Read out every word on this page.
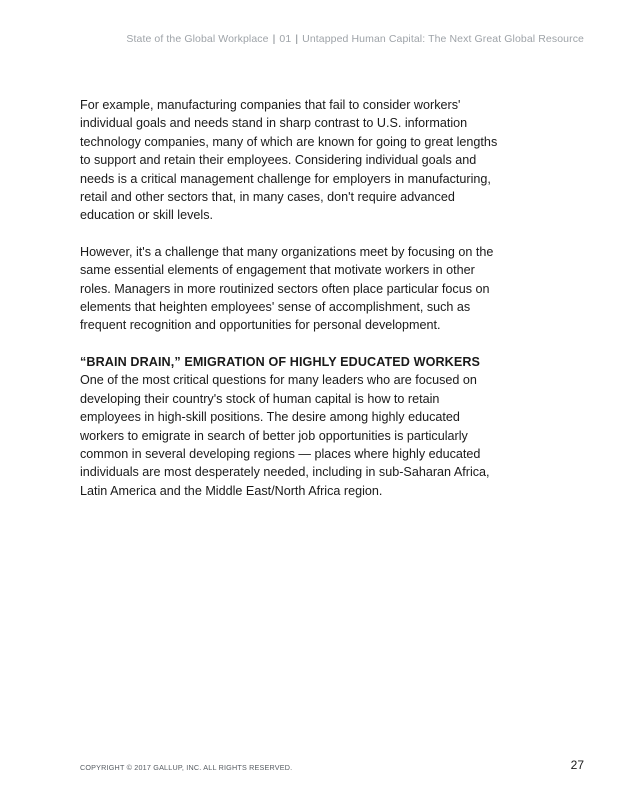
State of the Global Workplace | 01 | Untapped Human Capital: The Next Great Global Resource

For example, manufacturing companies that fail to consider workers' individual goals and needs stand in sharp contrast to U.S. information technology companies, many of which are known for going to great lengths to support and retain their employees. Considering individual goals and needs is a critical management challenge for employers in manufacturing, retail and other sectors that, in many cases, don't require advanced education or skill levels.

However, it's a challenge that many organizations meet by focusing on the same essential elements of engagement that motivate workers in other roles. Managers in more routinized sectors often place particular focus on elements that heighten employees' sense of accomplishment, such as frequent recognition and opportunities for personal development.

“BRAIN DRAIN,” EMIGRATION OF HIGHLY EDUCATED WORKERS

One of the most critical questions for many leaders who are focused on developing their country's stock of human capital is how to retain employees in high-skill positions. The desire among highly educated workers to emigrate in search of better job opportunities is particularly common in several developing regions — places where highly educated individuals are most desperately needed, including in sub-Saharan Africa, Latin America and the Middle East/North Africa region.

COPYRIGHT © 2017 GALLUP, INC. ALL RIGHTS RESERVED.	27
